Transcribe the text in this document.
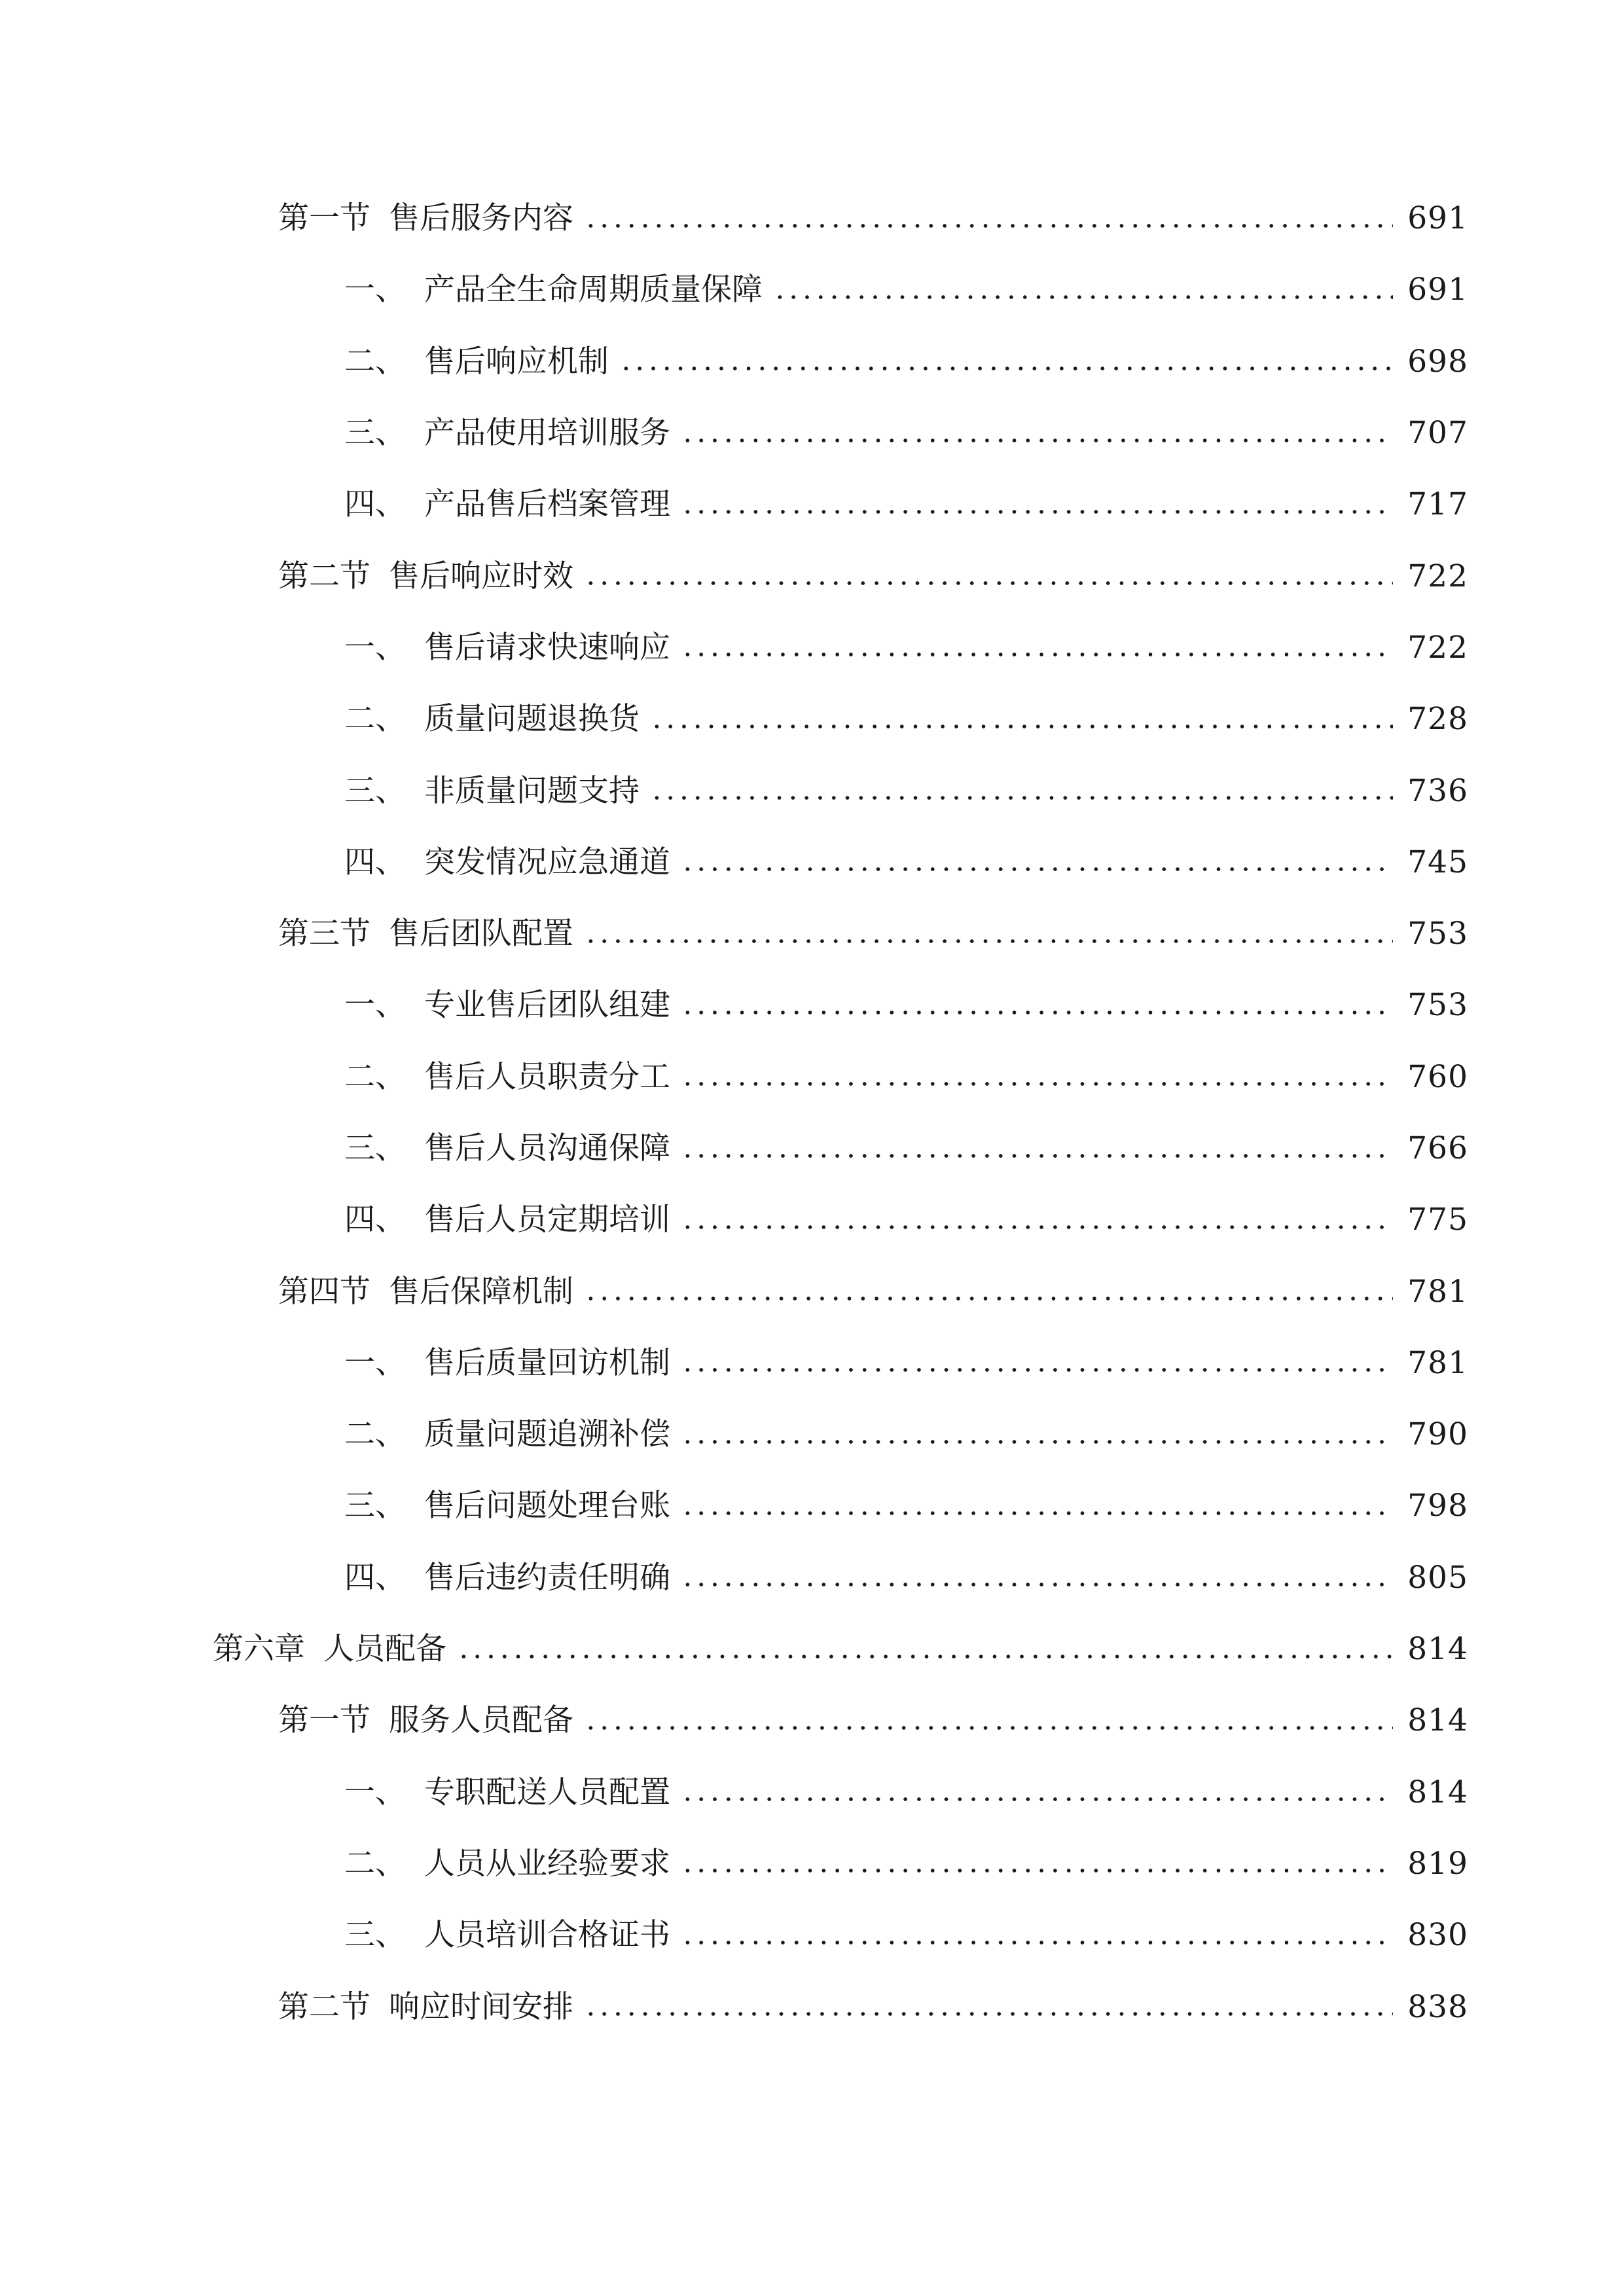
第一节 售后服务内容	691
一、 产品全生命周期质量保障	691
二、 售后响应机制	698
三、 产品使用培训服务	707
四、 产品售后档案管理	717
第二节 售后响应时效	722
一、 售后请求快速响应	722
二、 质量问题退换货	728
三、 非质量问题支持	736
四、 突发情况应急通道	745
第三节 售后团队配置	753
一、 专业售后团队组建	753
二、 售后人员职责分工	760
三、 售后人员沟通保障	766
四、 售后人员定期培训	775
第四节 售后保障机制	781
一、 售后质量回访机制	781
二、 质量问题追溯补偿	790
三、 售后问题处理台账	798
四、 售后违约责任明确	805
第六章 人员配备	814
第一节 服务人员配备	814
一、 专职配送人员配置	814
二、 人员从业经验要求	819
三、 人员培训合格证书	830
第二节 响应时间安排	838
